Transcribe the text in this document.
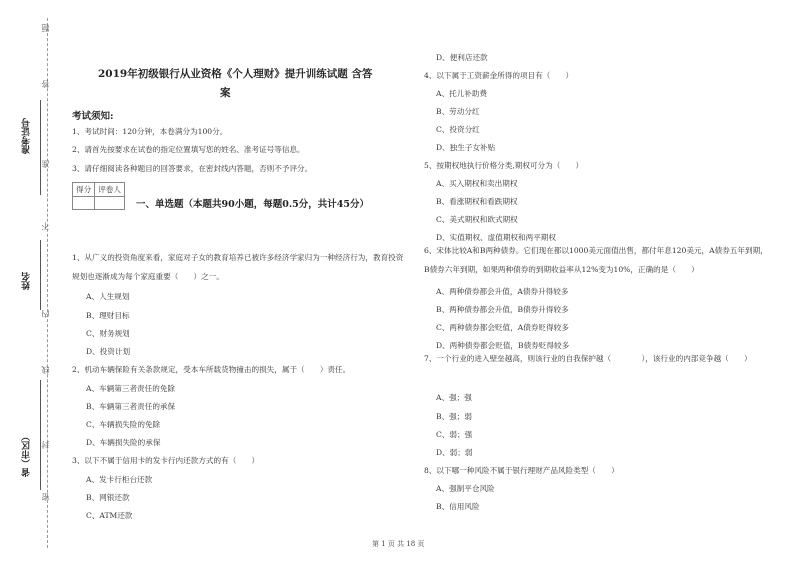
题
答
准考证号
准
不
姓名
内
线
省（市区） 封
密
2019年初级银行从业资格《个人理财》提升训练试题 含答
案
考试须知:
1、考试时间：120分钟，本卷满分为100分。
2、请首先按要求在试卷的指定位置填写您的姓名、准考证号等信息。
3、请仔细阅读各种题目的回答要求，在密封线内答题，否则不予评分。
得分	评卷人

一、单选题（本题共90小题，每题0.5分，共计45分）
1、从广义的投资角度来看，家庭对子女的教育培养已被许多经济学家归为一种经济行为，教育投资规划也逐渐成为每个家庭重要（　　）之一。
A、人生规划
B、理财目标
C、财务规划
D、投资计划
2、机动车辆保险有关条款规定，受本车所载货物撞击的损失，属于（　　）责任。
A、车辆第三者责任的免除
B、车辆第三者责任的承保
C、车辆损失险的免除
D、车辆损失险的承保
3、以下不属于信用卡的发卡行内还款方式的有（　　）
A、发卡行柜台还款
B、网银还款
C、ATM还款
D、便利店还款
4、以下属于工资薪金所得的项目有（　　）
A、托儿补助费
B、劳动分红
C、投资分红
D、独生子女补贴
5、按期权地执行价格分类,期权可分为（　　）
A、买入期权和卖出期权
B、看涨期权和看跌期权
C、美式期权和欧式期权
D、实值期权、虚值期权和两平期权
6、宋体比较A和B两种债券。它们现在都以1000美元面值出售，都付年息120美元，A债券五年到期，B债券六年到期，如果两种债券的到期收益率从12%变为10%，正确的是（　　）
A、两种债券都会升值，A债券升得较多
B、两种债券都会升值，B债券升得较多
C、两种债券都会贬值，A债券贬得较多
D、两种债券都会贬值，B债券贬得较多
7、一个行业的进入壁垒越高，则该行业的自我保护越（　　　　），该行业的内部竞争越（　　）
A、强；强
B、强；弱
C、弱；强
D、弱；弱
8、以下哪一种风险不属于银行理财产品风险类型（　　）
A、强制平仓风险
B、信用风险
第 1 页 共 18 页
